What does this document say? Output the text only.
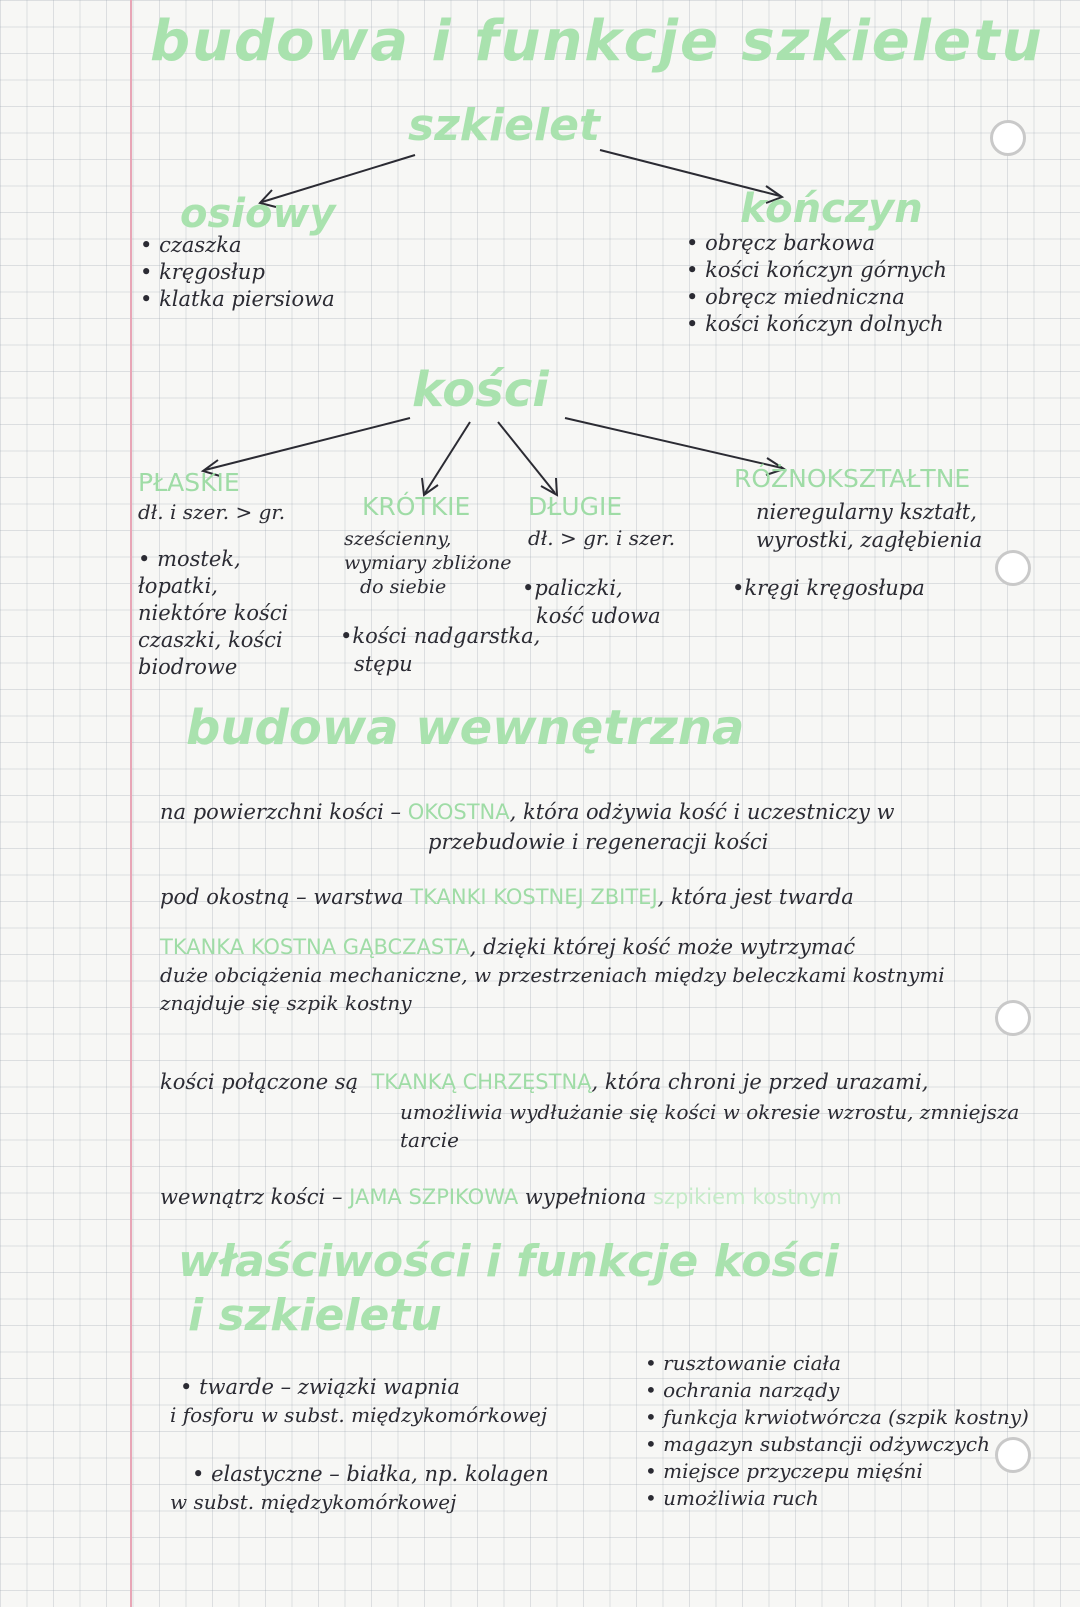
budowa i funkcje szkieletu
szkielet
osiowy	kończyn
• czaszka
• kręgosłup
• klatka piersiowa
• obręcz barkowa
• kości kończyn górnych
• obręcz miedniczna
• kości kończyn dolnych
kości
PŁASKIE
dł. i szer. > gr.
• mostek, łopatki, niektóre kości czaszki, kości biodrowe
KRÓTKIE
sześcienny,
wymiary zbliżone
do siebie
•kości nadgarstka,
stępu
DŁUGIE
dł. > gr. i szer.
•paliczki,
kość udowa
RÓŻNOKSZTAŁTNE
nieregularny kształt,
wyrostki, zagłębienia
•kręgi kręgosłupa
budowa wewnętrzna
na powierzchni kości – OKOSTNA, która odżywia kość i uczestniczy w
przebudowie i regeneracji kości
pod okostną – warstwa TKANKI KOSTNEJ ZBITEJ, która jest twarda
TKANKA KOSTNA GĄBCZASTA, dzięki której kość może wytrzymać
duże obciążenia mechaniczne, w przestrzeniach między beleczkami kostnymi
znajduje się szpik kostny
kości połączone są TKANKĄ CHRZĘSTNĄ, która chroni je przed urazami,
umożliwia wydłużanie się kości w okresie wzrostu, zmniejsza
tarcie
wewnątrz kości – JAMA SZPIKOWA wypełniona szpikiem kostnym
właściwości i funkcje kości
i szkieletu
• twarde – związki wapnia
i fosforu w subst. międzykomórkowej
• elastyczne – białka, np. kolagen
w subst. międzykomórkowej
• rusztowanie ciała
• ochrania narządy
• funkcja krwiotwórcza (szpik kostny)
• magazyn substancji odżywczych
• miejsce przyczepu mięśni
• umożliwia ruch
